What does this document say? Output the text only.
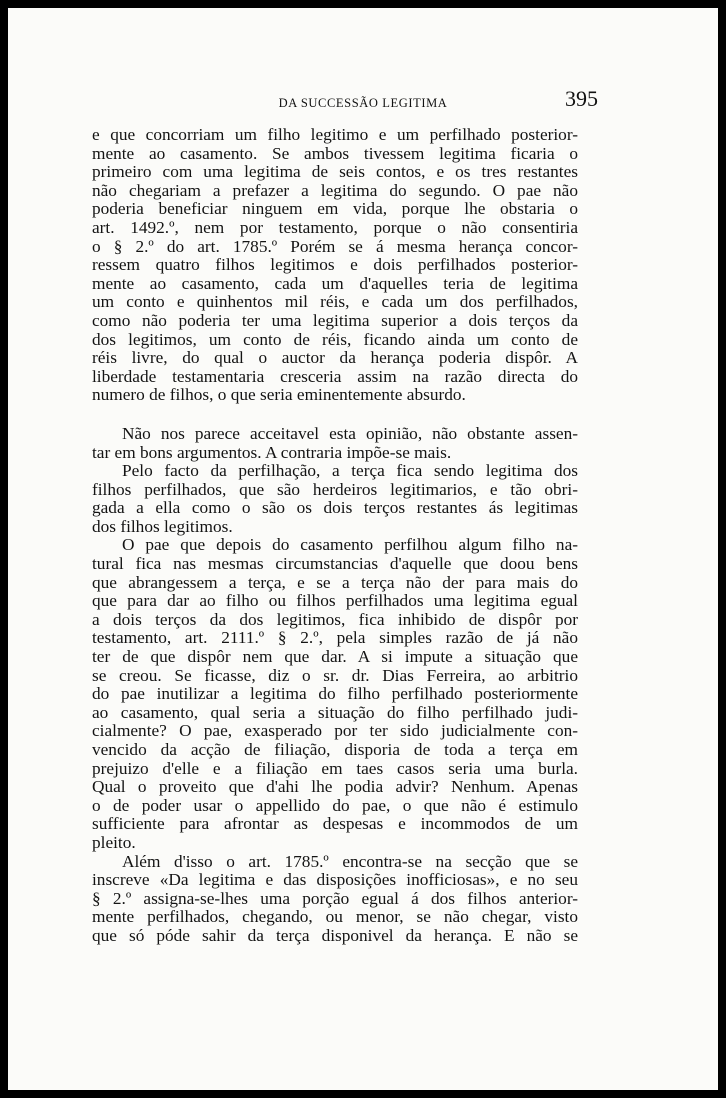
DA SUCCESSÃO LEGITIMA	395
e que concorriam um filho legitimo e um perfilhado posterior-
mente ao casamento. Se ambos tivessem legitima ficaria o
primeiro com uma legitima de seis contos, e os tres restantes
não chegariam a prefazer a legitima do segundo. O pae não
poderia beneficiar ninguem em vida, porque lhe obstaria o
art. 1492.º, nem por testamento, porque o não consentiria
o § 2.º do art. 1785.º Porém se á mesma herança concor-
ressem quatro filhos legitimos e dois perfilhados posterior-
mente ao casamento, cada um d'aquelles teria de legitima
um conto e quinhentos mil réis, e cada um dos perfilhados,
como não poderia ter uma legitima superior a dois terços da
dos legitimos, um conto de réis, ficando ainda um conto de
réis livre, do qual o auctor da herança poderia dispôr. A
liberdade testamentaria cresceria assim na razão directa do
numero de filhos, o que seria eminentemente absurdo.
Não nos parece acceitavel esta opinião, não obstante assen-
tar em bons argumentos. A contraria impõe-se mais.
Pelo facto da perfilhação, a terça fica sendo legitima dos
filhos perfilhados, que são herdeiros legitimarios, e tão obri-
gada a ella como o são os dois terços restantes ás legitimas
dos filhos legitimos.
O pae que depois do casamento perfilhou algum filho na-
tural fica nas mesmas circumstancias d'aquelle que doou bens
que abrangessem a terça, e se a terça não der para mais do
que para dar ao filho ou filhos perfilhados uma legitima egual
a dois terços da dos legitimos, fica inhibido de dispôr por
testamento, art. 2111.º § 2.º, pela simples razão de já não
ter de que dispôr nem que dar. A si impute a situação que
se creou. Se ficasse, diz o sr. dr. Dias Ferreira, ao arbitrio
do pae inutilizar a legitima do filho perfilhado posteriormente
ao casamento, qual seria a situação do filho perfilhado judi-
cialmente? O pae, exasperado por ter sido judicialmente con-
vencido da acção de filiação, disporia de toda a terça em
prejuizo d'elle e a filiação em taes casos seria uma burla.
Qual o proveito que d'ahi lhe podia advir? Nenhum. Apenas
o de poder usar o appellido do pae, o que não é estimulo
sufficiente para afrontar as despesas e incommodos de um
pleito.
Além d'isso o art. 1785.º encontra-se na secção que se
inscreve «Da legitima e das disposições inofficiosas», e no seu
§ 2.º assigna-se-lhes uma porção egual á dos filhos anterior-
mente perfilhados, chegando, ou menor, se não chegar, visto
que só póde sahir da terça disponivel da herança. E não se
